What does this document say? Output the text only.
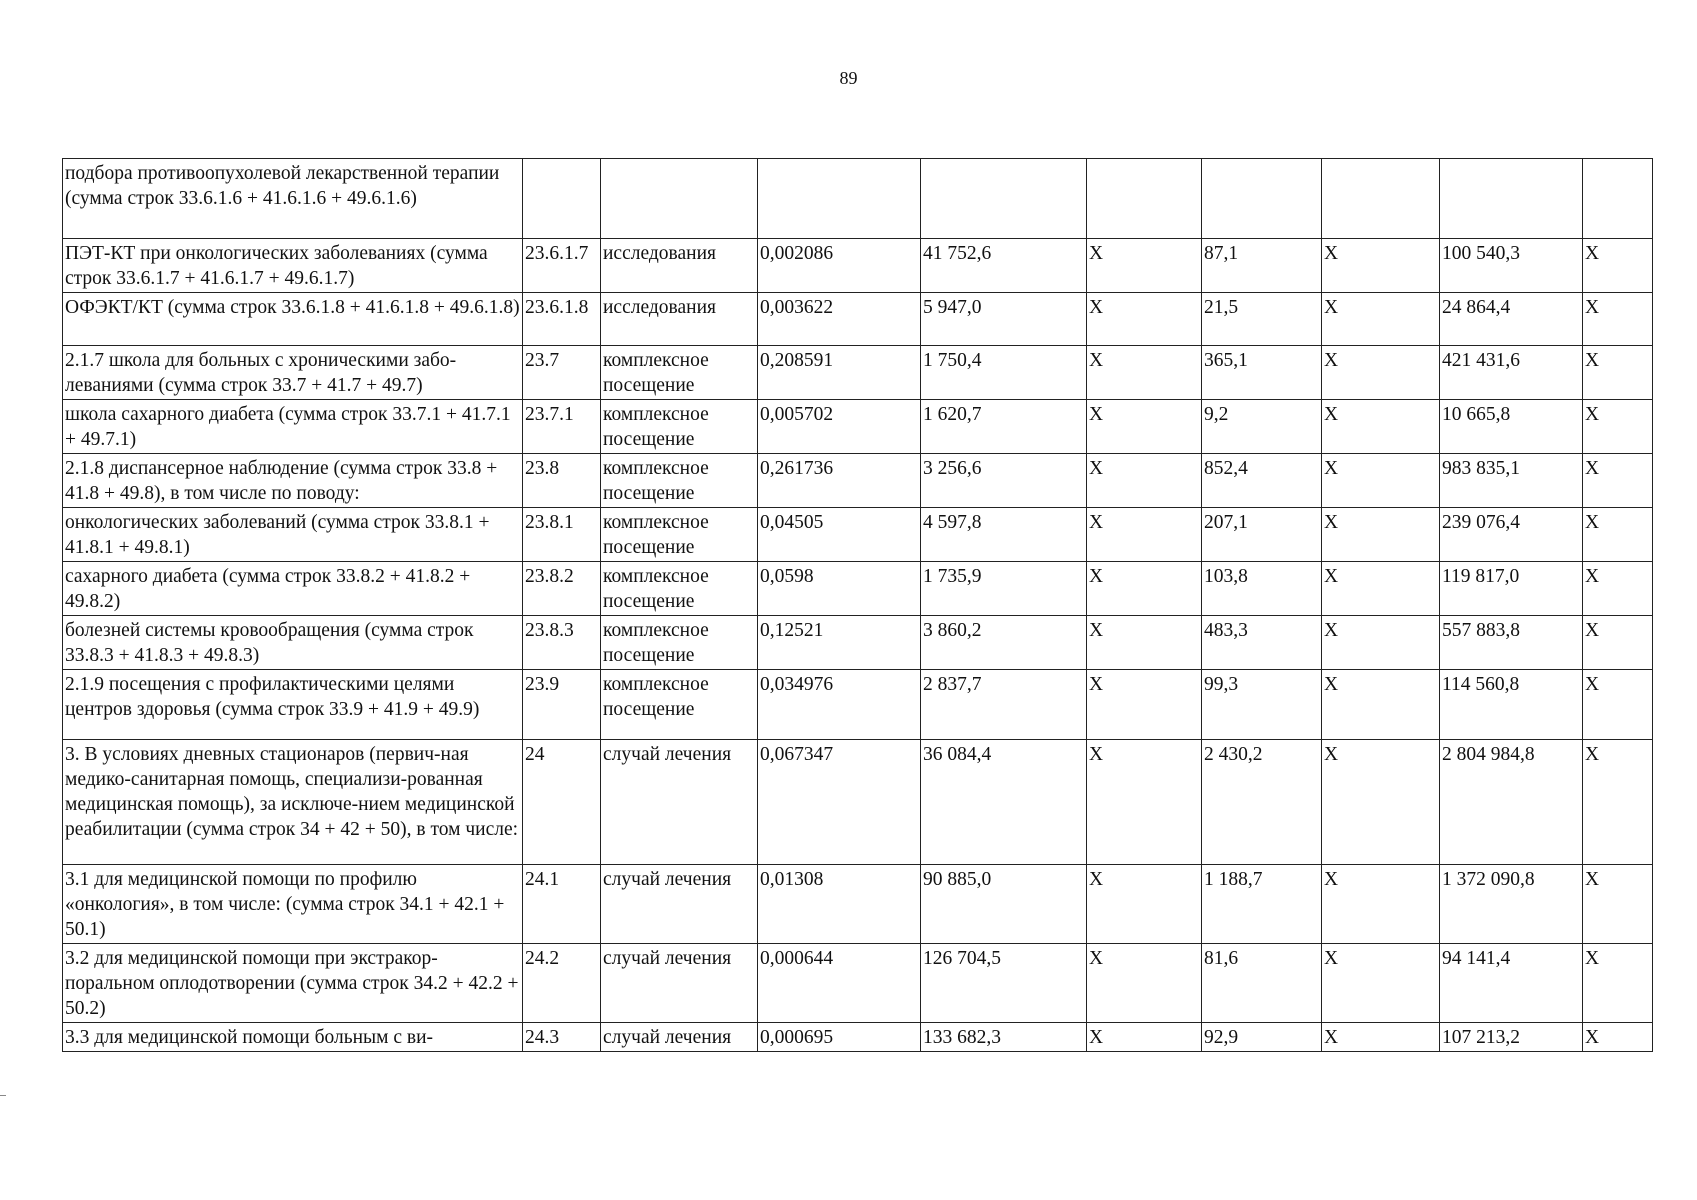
89
подбора противоопухолевой лекарственной терапии (сумма строк 33.6.1.6 + 41.6.1.6 + 49.6.1.6)									
ПЭТ-КТ при онкологических заболеваниях (сумма строк 33.6.1.7 + 41.6.1.7 + 49.6.1.7)	23.6.1.7	исследования	0,002086	41 752,6	X	87,1	X	100 540,3	X
ОФЭКТ/КТ (сумма строк 33.6.1.8 + 41.6.1.8 + 49.6.1.8)	23.6.1.8	исследования	0,003622	5 947,0	X	21,5	X	24 864,4	X
2.1.7 школа для больных с хроническими забо-леваниями (сумма строк 33.7 + 41.7 + 49.7)	23.7	комплексное посещение	0,208591	1 750,4	X	365,1	X	421 431,6	X
школа сахарного диабета (сумма строк 33.7.1 + 41.7.1 + 49.7.1)	23.7.1	комплексное посещение	0,005702	1 620,7	X	9,2	X	10 665,8	X
2.1.8 диспансерное наблюдение (сумма строк 33.8 + 41.8 + 49.8), в том числе по поводу:	23.8	комплексное посещение	0,261736	3 256,6	X	852,4	X	983 835,1	X
онкологических заболеваний (сумма строк 33.8.1 + 41.8.1 + 49.8.1)	23.8.1	комплексное посещение	0,04505	4 597,8	X	207,1	X	239 076,4	X
сахарного диабета (сумма строк 33.8.2 + 41.8.2 + 49.8.2)	23.8.2	комплексное посещение	0,0598	1 735,9	X	103,8	X	119 817,0	X
болезней системы кровообращения (сумма строк 33.8.3 + 41.8.3 + 49.8.3)	23.8.3	комплексное посещение	0,12521	3 860,2	X	483,3	X	557 883,8	X
2.1.9 посещения с профилактическими целями центров здоровья (сумма строк 33.9 + 41.9 + 49.9)	23.9	комплексное посещение	0,034976	2 837,7	X	99,3	X	114 560,8	X
3. В условиях дневных стационаров (первич-ная медико-санитарная помощь, специализи-рованная медицинская помощь), за исключе-нием медицинской реабилитации (сумма строк 34 + 42 + 50), в том числе:	24	случай лечения	0,067347	36 084,4	X	2 430,2	X	2 804 984,8	X
3.1 для медицинской помощи по профилю «онкология», в том числе: (сумма строк 34.1 + 42.1 + 50.1)	24.1	случай лечения	0,01308	90 885,0	X	1 188,7	X	1 372 090,8	X
3.2 для медицинской помощи при экстракор-поральном оплодотворении (сумма строк 34.2 + 42.2 + 50.2)	24.2	случай лечения	0,000644	126 704,5	X	81,6	X	94 141,4	X
3.3 для медицинской помощи больным с ви-	24.3	случай лечения	0,000695	133 682,3	X	92,9	X	107 213,2	X
